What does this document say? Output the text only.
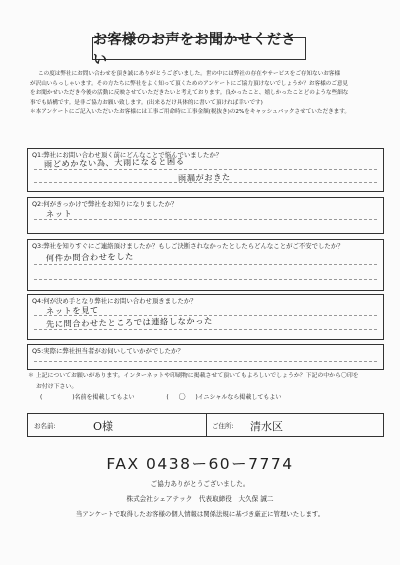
お客様のお声をお聞かせください

この度は弊社にお問い合わせを頂き誠にありがとうございました。世の中には弊社の存在やサービスをご存知ないお客様

が沢山いらっしゃいます。その方たちに弊社をよく知って頂くためのアンケートにご協力頂けないでしょうか？お客様のご意見

をお聞かせいただき今後の活動に反映させていただきたいと考えております。良かったこと、嬉しかったことどのような些細な

事でも結構です。是非ご協力お願い致します。(出来るだけ具体的に書いて頂ければ幸いです)

＊本アンケートにご記入いただいたお客様には工事ご用命時に工事金額(税抜き)の2%をキャッシュバックさせていただきます。

Q1:弊社にお問い合わせ頂く前にどんなことで悩んでいましたか？
雨どめかない為、大雨になると困る
雨漏がおきた
Q2:何がきっかけで弊社をお知りになりましたか？
ネット
Q3:弊社を知りすぐにご連絡頂けましたか？もしご決断されなかったとしたらどんなことがご不安でしたか？
何件か問合わせをした
Q4:何が決め手となり弊社にお問い合わせ頂きましたか？
ネットを見て
先に問合わせたところでは連絡しなかった
Q5:実際に弊社担当者がお伺いしていかがでしたか？
＊ 上記についてお願いがあります。インターネットや印刷物に掲載させて頂いてもよろしいでしょうか？下記の中から〇印を
お付け下さい。
(	)名前を掲載してもよい	( 〇 )イニシャルなら掲載してもよい
お名前:	O様	ご住所: 清水区
FAX 0438ー60ー7774
ご協力ありがとうございました。
株式会社シェアテック　代表取締役　大久保 誠二
当アンケートで取得したお客様の個人情報は関係法規に基づき厳正に管理いたします。
